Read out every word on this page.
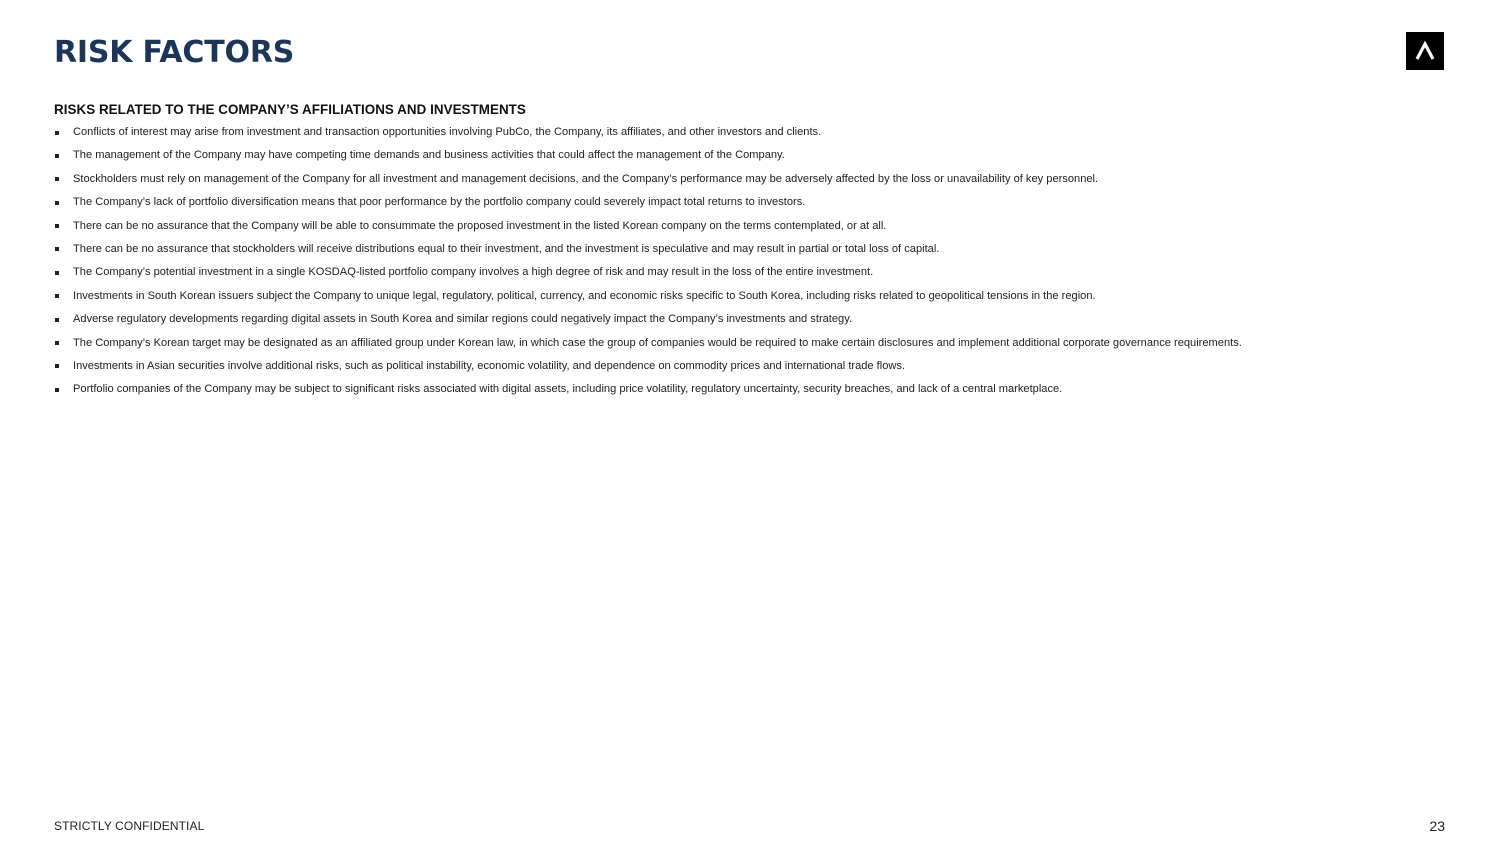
RISK FACTORS
RISKS RELATED TO THE COMPANY’S AFFILIATIONS AND INVESTMENTS
Conflicts of interest may arise from investment and transaction opportunities involving PubCo, the Company, its affiliates, and other investors and clients.
The management of the Company may have competing time demands and business activities that could affect the management of the Company.
Stockholders must rely on management of the Company for all investment and management decisions, and the Company’s performance may be adversely affected by the loss or unavailability of key personnel.
The Company’s lack of portfolio diversification means that poor performance by the portfolio company could severely impact total returns to investors.
There can be no assurance that the Company will be able to consummate the proposed investment in the listed Korean company on the terms contemplated, or at all.
There can be no assurance that stockholders will receive distributions equal to their investment, and the investment is speculative and may result in partial or total loss of capital.
The Company’s potential investment in a single KOSDAQ-listed portfolio company involves a high degree of risk and may result in the loss of the entire investment.
Investments in South Korean issuers subject the Company to unique legal, regulatory, political, currency, and economic risks specific to South Korea, including risks related to geopolitical tensions in the region.
Adverse regulatory developments regarding digital assets in South Korea and similar regions could negatively impact the Company’s investments and strategy.
The Company’s Korean target may be designated as an affiliated group under Korean law, in which case the group of companies would be required to make certain disclosures and implement additional corporate governance requirements.
Investments in Asian securities involve additional risks, such as political instability, economic volatility, and dependence on commodity prices and international trade flows.
Portfolio companies of the Company may be subject to significant risks associated with digital assets, including price volatility, regulatory uncertainty, security breaches, and lack of a central marketplace.
STRICTLY CONFIDENTIAL	23
